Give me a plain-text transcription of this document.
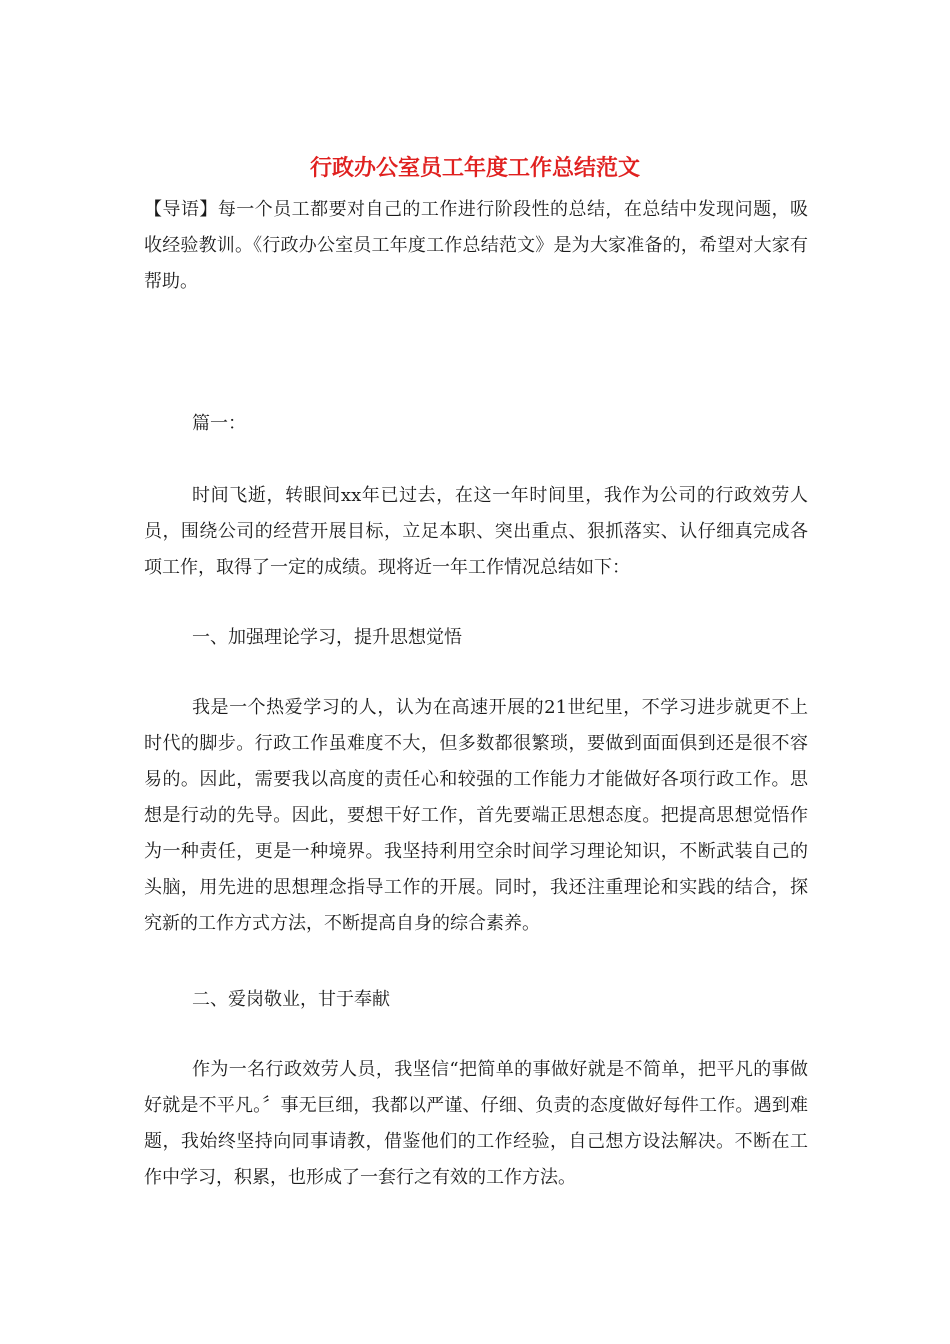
行政办公室员工年度工作总结范文

【导语】每一个员工都要对自己的工作进行阶段性的总结，在总结中发现问题，吸收经验教训。《行政办公室员工年度工作总结范文》是为大家准备的，希望对大家有帮助。

篇一：

时间飞逝，转眼间xx年已过去，在这一年时间里，我作为公司的行政效劳人员，围绕公司的经营开展目标，立足本职、突出重点、狠抓落实、认仔细真完成各项工作，取得了一定的成绩。现将近一年工作情况总结如下：

一、加强理论学习，提升思想觉悟

我是一个热爱学习的人，认为在高速开展的21世纪里，不学习进步就更不上时代的脚步。行政工作虽难度不大，但多数都很繁琐，要做到面面俱到还是很不容易的。因此，需要我以高度的责任心和较强的工作能力才能做好各项行政工作。思想是行动的先导。因此，要想干好工作，首先要端正思想态度。把提高思想觉悟作为一种责任，更是一种境界。我坚持利用空余时间学习理论知识，不断武装自己的头脑，用先进的思想理念指导工作的开展。同时，我还注重理论和实践的结合，探究新的工作方式方法，不断提高自身的综合素养。

二、爱岗敬业，甘于奉献

作为一名行政效劳人员，我坚信“把简单的事做好就是不简单，把平凡的事做好就是不平凡。〞事无巨细，我都以严谨、仔细、负责的态度做好每件工作。遇到难题，我始终坚持向同事请教，借鉴他们的工作经验，自己想方设法解决。不断在工作中学习，积累，也形成了一套行之有效的工作方法。
